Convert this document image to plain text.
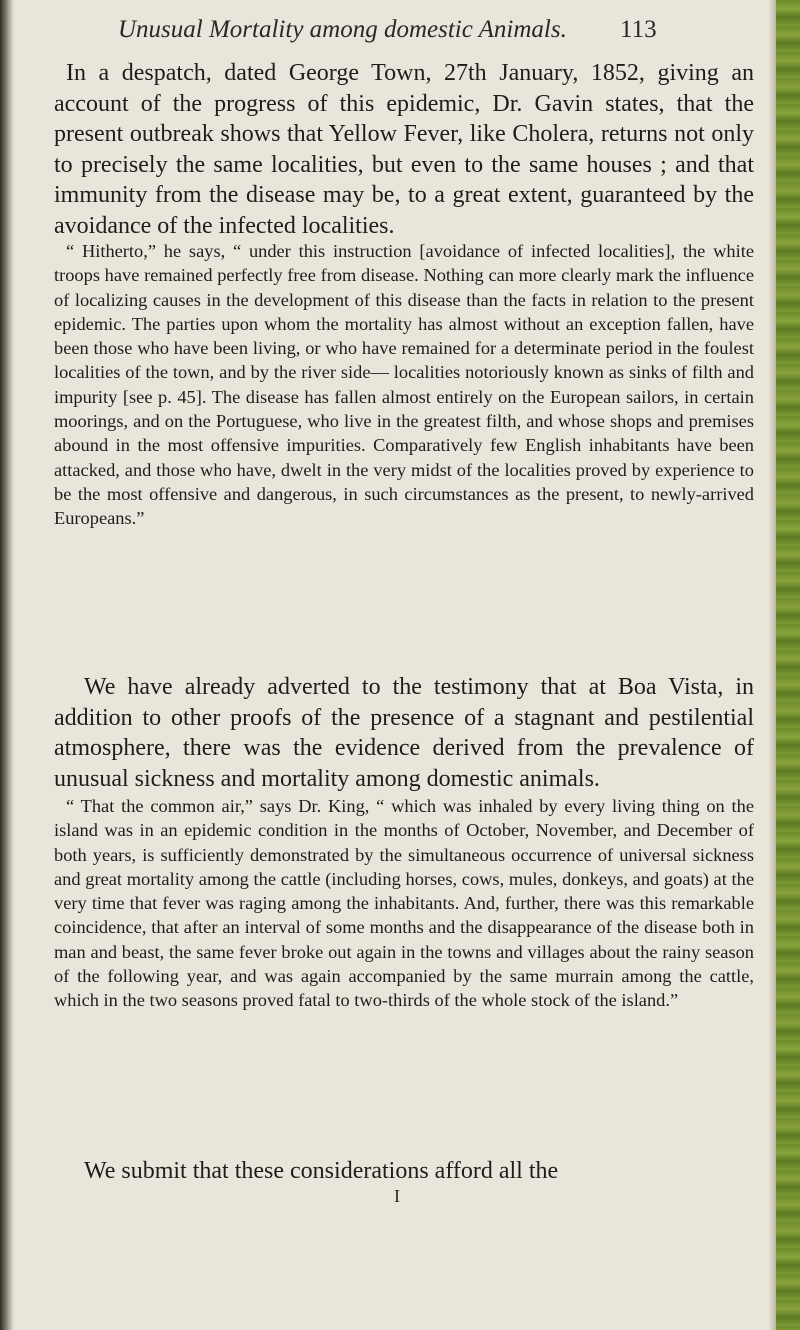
Unusual Mortality among domestic Animals. 113

In a despatch, dated George Town, 27th January, 1852, giving an account of the progress of this epidemic, Dr. Gavin states, that the present outbreak shows that Yellow Fever, like Cholera, returns not only to precisely the same localities, but even to the same houses ; and that immunity from the disease may be, to a great extent, guaranteed by the avoidance of the infected localities.

“ Hitherto,” he says, “ under this instruction [avoidance of infected localities], the white troops have remained perfectly free from disease. Nothing can more clearly mark the influence of localizing causes in the development of this disease than the facts in relation to the present epidemic. The parties upon whom the mortality has almost without an exception fallen, have been those who have been living, or who have remained for a determinate period in the foulest localities of the town, and by the river side— localities notoriously known as sinks of filth and impurity [see p. 45]. The disease has fallen almost entirely on the European sailors, in certain moorings, and on the Portuguese, who live in the greatest filth, and whose shops and premises abound in the most offensive impurities. Comparatively few English inhabitants have been attacked, and those who have, dwelt in the very midst of the localities proved by experience to be the most offensive and dangerous, in such circumstances as the present, to newly-arrived Europeans.”

We have already adverted to the testimony that at Boa Vista, in addition to other proofs of the presence of a stagnant and pestilential atmosphere, there was the evidence derived from the prevalence of unusual sickness and mortality among domestic animals.

“ That the common air,” says Dr. King, “ which was inhaled by every living thing on the island was in an epidemic condition in the months of October, November, and December of both years, is sufficiently demonstrated by the simultaneous occurrence of universal sickness and great mortality among the cattle (including horses, cows, mules, donkeys, and goats) at the very time that fever was raging among the inhabitants. And, further, there was this remarkable coincidence, that after an interval of some months and the disappearance of the disease both in man and beast, the same fever broke out again in the towns and villages about the rainy season of the following year, and was again accompanied by the same murrain among the cattle, which in the two seasons proved fatal to two-thirds of the whole stock of the island.”

We submit that these considerations afford all the

I
